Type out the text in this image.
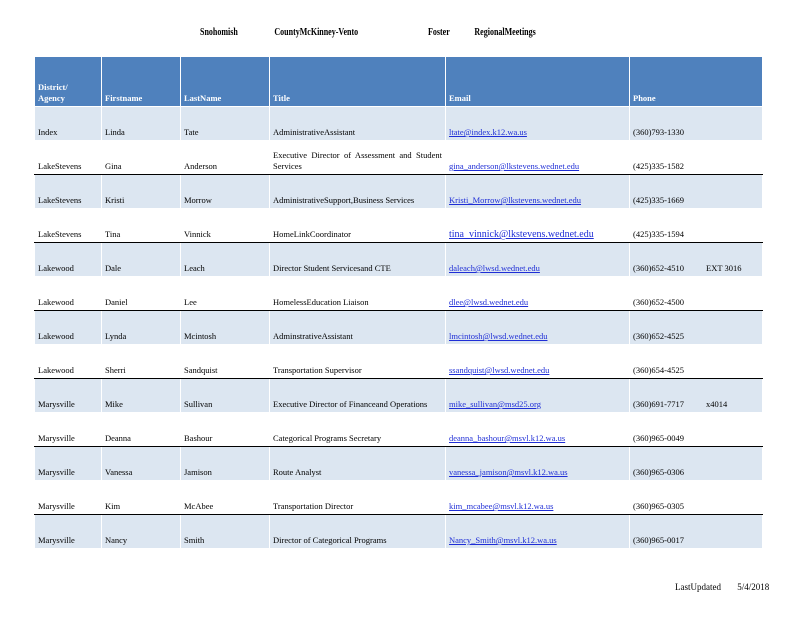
Snohomish	CountyMcKinney-Vento	Foster RegionalMeetings
District/
Agency	Firstname	LastName	Title	Email	Phone
Index	Linda	Tate	AdministrativeAssistant	ltate@index.k12.wa.us	(360)793-1330
LakeStevens	Gina	Anderson	Executive Director of Assessment and Student Services	gina_anderson@lkstevens.wednet.edu	(425)335-1582
LakeStevens	Kristi	Morrow	AdministrativeSupport,Business Services	Kristi_Morrow@lkstevens.wednet.edu	(425)335-1669
LakeStevens	Tina	Vinnick	HomeLinkCoordinator	tina_vinnick@lkstevens.wednet.edu	(425)335-1594
Lakewood	Dale	Leach	Director Student Servicesand CTE	daleach@lwsd.wednet.edu	(360)652-4510 EXT 3016
Lakewood	Daniel	Lee	HomelessEducation Liaison	dlee@lwsd.wednet.edu	(360)652-4500
Lakewood	Lynda	Mcintosh	AdminstrativeAssistant	lmcintosh@lwsd.wednet.edu	(360)652-4525
Lakewood	Sherri	Sandquist	Transportation Supervisor	ssandquist@lwsd.wednet.edu	(360)654-4525
Marysville	Mike	Sullivan	Executive Director of Financeand Operations	mike_sullivan@msd25.org	(360)691-7717 x4014
Marysville	Deanna	Bashour	Categorical Programs Secretary	deanna_bashour@msvl.k12.wa.us	(360)965-0049
Marysville	Vanessa	Jamison	Route Analyst	vanessa_jamison@msvl.k12.wa.us	(360)965-0306
Marysville	Kim	McAbee	Transportation Director	kim_mcabee@msvl.k12.wa.us	(360)965-0305
Marysville	Nancy	Smith	Director of Categorical Programs	Nancy_Smith@msvl.k12.wa.us	(360)965-0017
LastUpdated 5/4/2018
